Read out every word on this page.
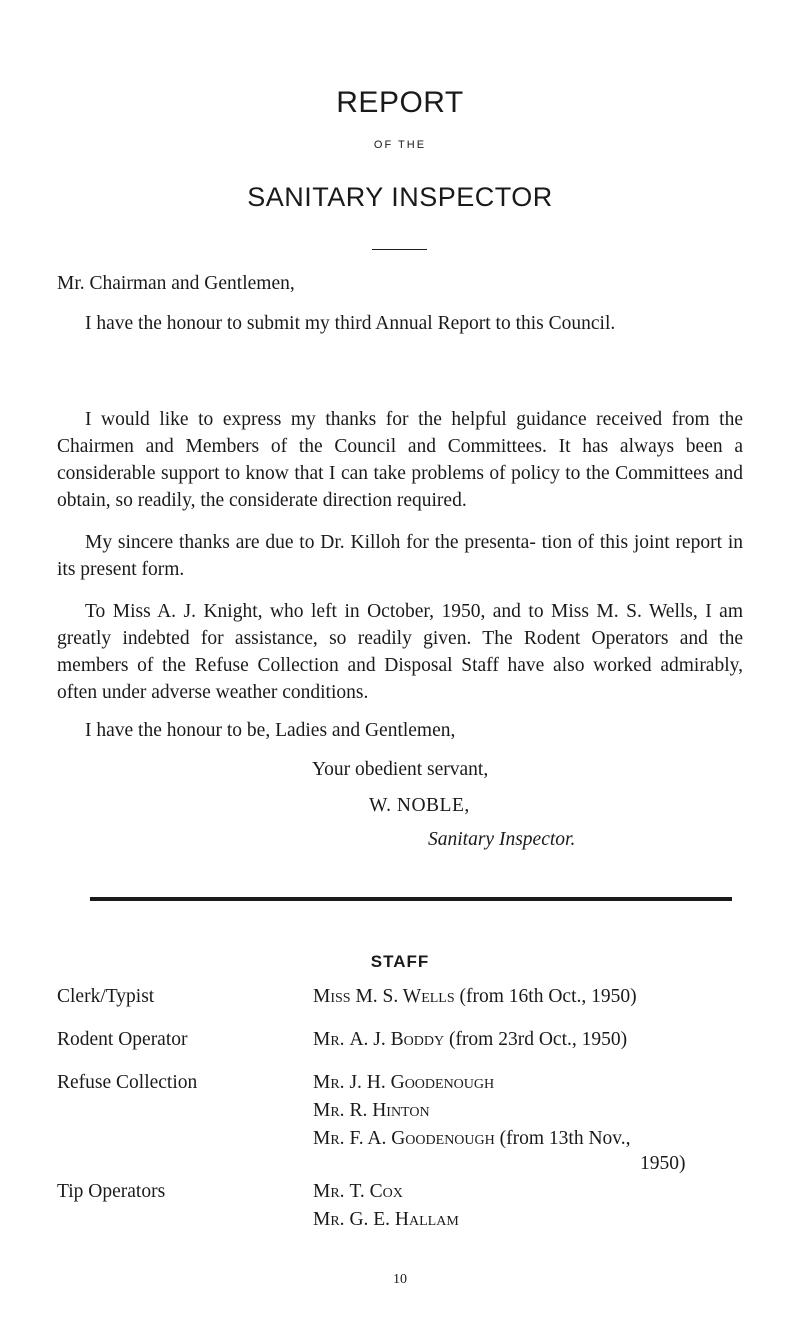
REPORT
OF THE
SANITARY INSPECTOR
Mr. Chairman and Gentlemen,
I have the honour to submit my third Annual Report to this Council.
I would like to express my thanks for the helpful guidance received from the Chairmen and Members of the Council and Committees. It has always been a considerable support to know that I can take problems of policy to the Committees and obtain, so readily, the considerate direction required.
My sincere thanks are due to Dr. Killoh for the presenta- tion of this joint report in its present form.
To Miss A. J. Knight, who left in October, 1950, and to Miss M. S. Wells, I am greatly indebted for assistance, so readily given. The Rodent Operators and the members of the Refuse Collection and Disposal Staff have also worked admirably, often under adverse weather conditions.
I have the honour to be, Ladies and Gentlemen,
Your obedient servant,
W. NOBLE,
Sanitary Inspector.
STAFF
Clerk/Typist	Miss M. S. Wells (from 16th Oct., 1950)
Rodent Operator	Mr. A. J. Boddy (from 23rd Oct., 1950)
Refuse Collection	Mr. J. H. Goodenough
Mr. R. Hinton
Mr. F. A. Goodenough (from 13th Nov.,
1950)
Tip Operators	Mr. T. Cox
Mr. G. E. Hallam
10
